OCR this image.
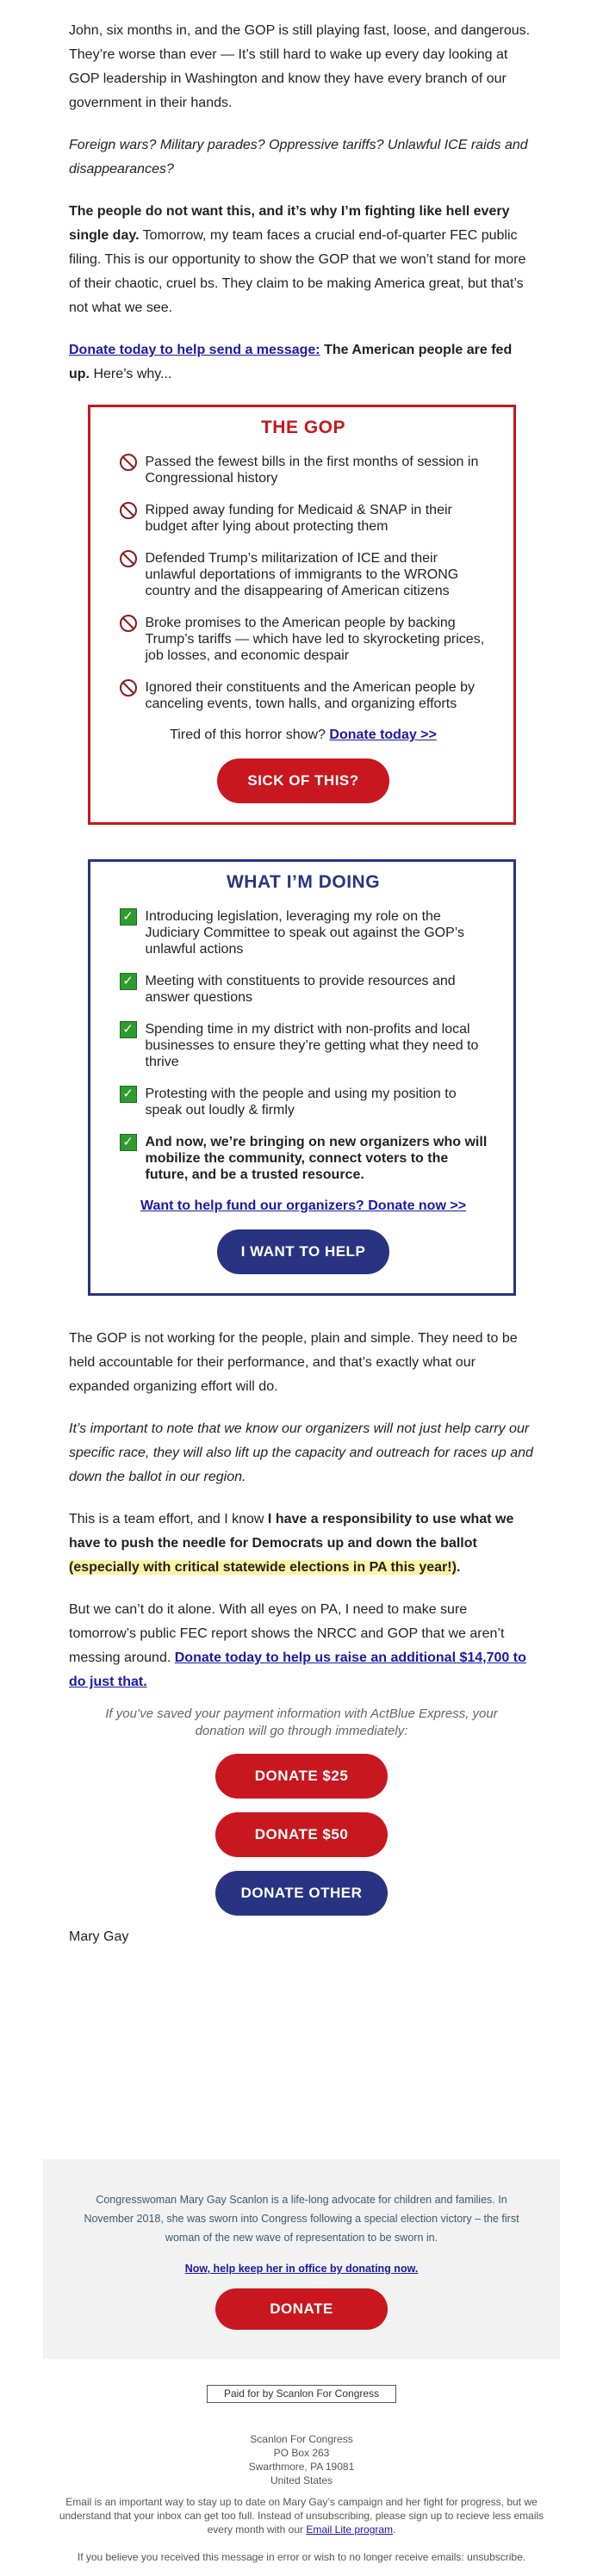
John, six months in, and the GOP is still playing fast, loose, and dangerous. They’re worse than ever — It’s still hard to wake up every day looking at GOP leadership in Washington and know they have every branch of our government in their hands.

Foreign wars? Military parades? Oppressive tariffs? Unlawful ICE raids and disappearances?

The people do not want this, and it’s why I’m fighting like hell every single day. Tomorrow, my team faces a crucial end-of-quarter FEC public filing. This is our opportunity to show the GOP that we won’t stand for more of their chaotic, cruel bs. They claim to be making America great, but that’s not what we see.

Donate today to help send a message: The American people are fed up. Here’s why...

THE GOP
Passed the fewest bills in the first months of session in Congressional history
Ripped away funding for Medicaid & SNAP in their budget after lying about protecting them
Defended Trump’s militarization of ICE and their unlawful deportations of immigrants to the WRONG country and the disappearing of American citizens
Broke promises to the American people by backing Trump’s tariffs — which have led to skyrocketing prices, job losses, and economic despair
Ignored their constituents and the American people by canceling events, town halls, and organizing efforts

Tired of this horror show? Donate today >>

SICK OF THIS?
WHAT I’M DOING
✓ Introducing legislation, leveraging my role on the Judiciary Committee to speak out against the GOP’s unlawful actions
✓ Meeting with constituents to provide resources and answer questions
✓ Spending time in my district with non-profits and local businesses to ensure they’re getting what they need to thrive
✓ Protesting with the people and using my position to speak out loudly & firmly
✓ And now, we’re bringing on new organizers who will mobilize the community, connect voters to the future, and be a trusted resource.

Want to help fund our organizers? Donate now >>

I WANT TO HELP

The GOP is not working for the people, plain and simple. They need to be held accountable for their performance, and that’s exactly what our expanded organizing effort will do.

It’s important to note that we know our organizers will not just help carry our specific race, they will also lift up the capacity and outreach for races up and down the ballot in our region.

This is a team effort, and I know I have a responsibility to use what we have to push the needle for Democrats up and down the ballot (especially with critical statewide elections in PA this year!).

But we can’t do it alone. With all eyes on PA, I need to make sure tomorrow’s public FEC report shows the NRCC and GOP that we aren’t messing around. Donate today to help us raise an additional $14,700 to do just that.

If you’ve saved your payment information with ActBlue Express, your donation will go through immediately:

DONATE $25
DONATE $50
DONATE OTHER

Mary Gay

Congresswoman Mary Gay Scanlon is a life-long advocate for children and families. In November 2018, she was sworn into Congress following a special election victory – the first woman of the new wave of representation to be sworn in.

Now, help keep her in office by donating now.

DONATE
Paid for by Scanlon For Congress
Scanlon For Congress
PO Box 263
Swarthmore, PA 19081
United States
Email is an important way to stay up to date on Mary Gay’s campaign and her fight for progress, but we understand that your inbox can get too full. Instead of unsubscribing, please sign up to recieve less emails every month with our Email Lite program.
If you believe you received this message in error or wish to no longer receive emails: unsubscribe.
